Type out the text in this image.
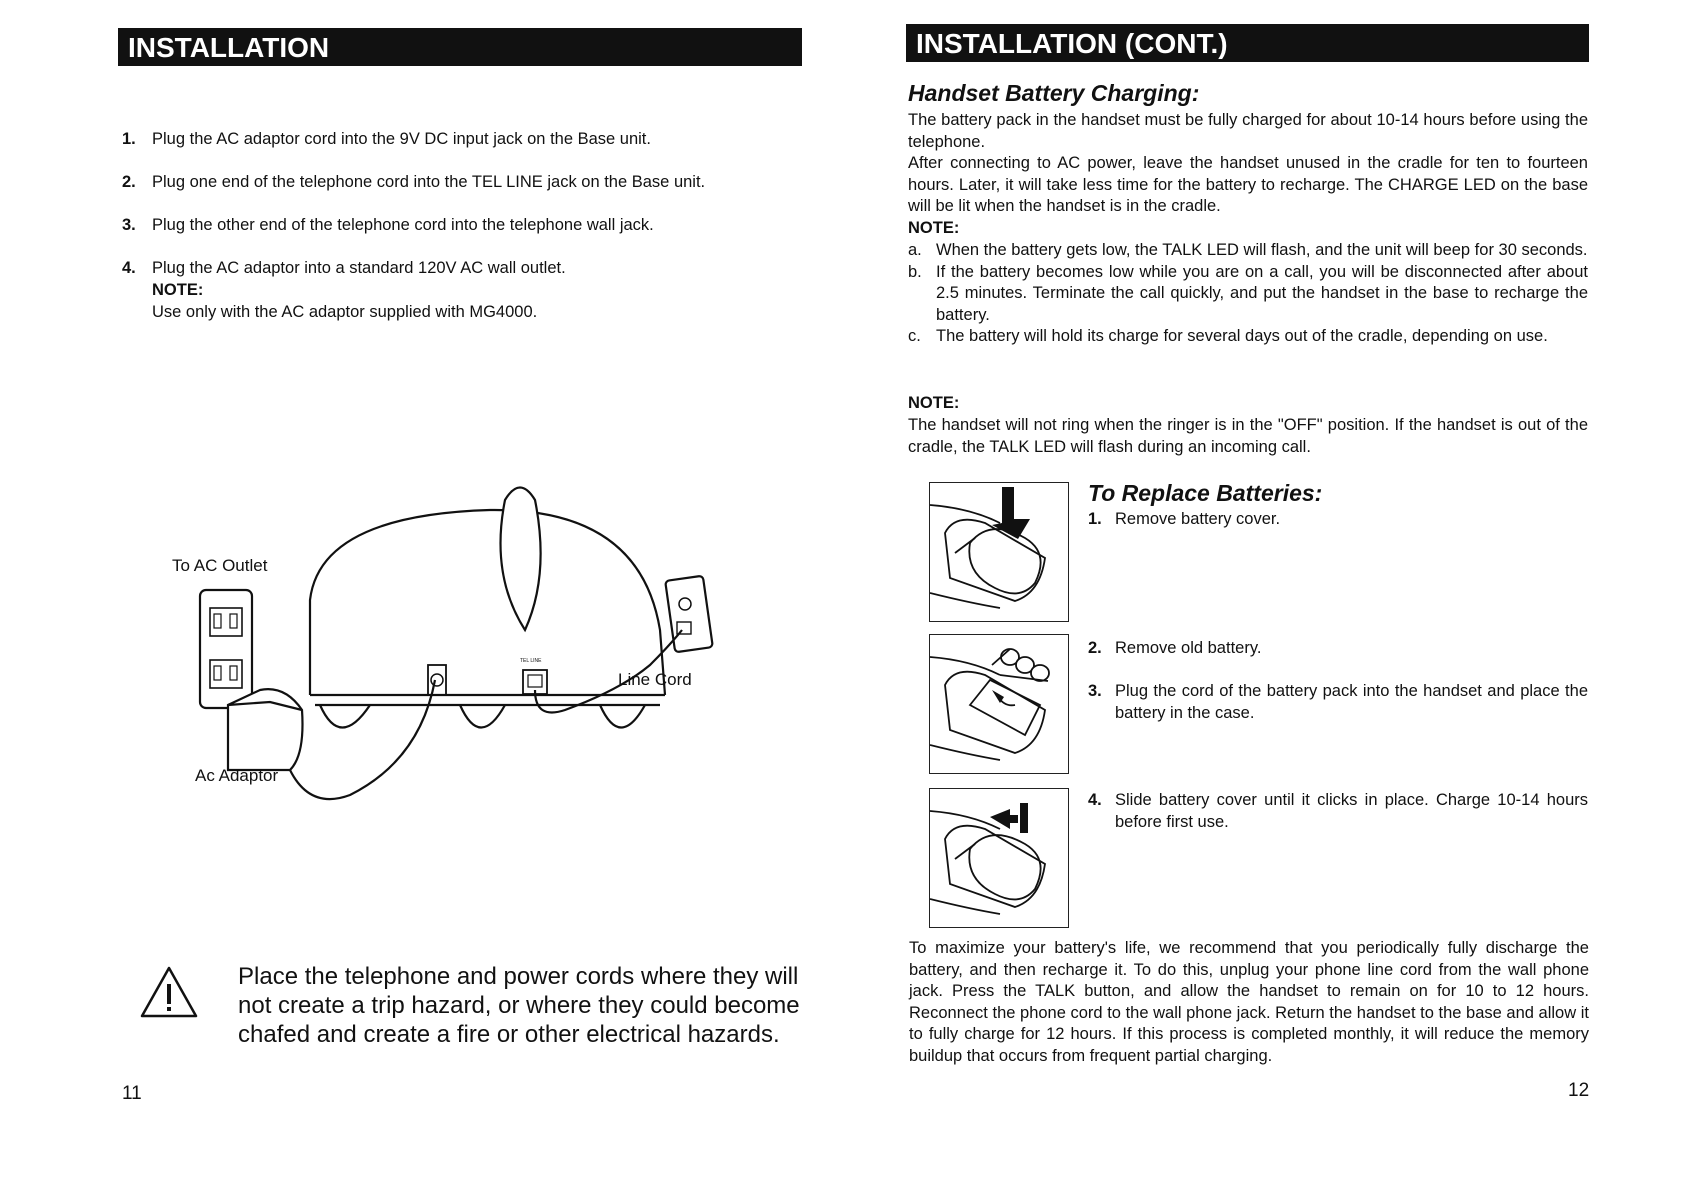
INSTALLATION
1. Plug the AC adaptor cord into the 9V DC input jack on the Base unit.
2. Plug one end of the telephone cord into the TEL LINE jack on the Base unit.
3. Plug the other end of the telephone cord into the telephone wall jack.
4. Plug the AC adaptor into a standard 120V AC wall outlet.
NOTE:
Use only with the AC adaptor supplied with MG4000.
To AC Outlet
Line Cord
Ac Adaptor
TEL LINE
Place the telephone and power cords where they will not create a trip hazard, or where they could become chafed and create a fire or other electrical hazards.
11
INSTALLATION (CONT.)
Handset Battery Charging:
The battery pack in the handset must be fully charged for about 10-14 hours before using the telephone.
After connecting to AC power, leave the handset unused in the cradle for ten to fourteen hours. Later, it will take less time for the battery to recharge. The CHARGE LED on the base will be lit when the handset is in the cradle.
NOTE:
a. When the battery gets low, the TALK LED will flash, and the unit will beep for 30 seconds.
b. If the battery becomes low while you are on a call, you will be disconnected after about 2.5 minutes. Terminate the call quickly, and put the handset in the base to recharge the battery.
c. The battery will hold its charge for several days out of the cradle, depending on use.
NOTE:
The handset will not ring when the ringer is in the "OFF" position. If the handset is out of the cradle, the TALK LED will flash during an incoming call.
To Replace Batteries:
1. Remove battery cover.
2. Remove old battery.
3. Plug the cord of the battery pack into the handset and place the battery in the case.
4. Slide battery cover until it clicks in place. Charge 10-14 hours before first use.
To maximize your battery's life, we recommend that you periodically fully discharge the battery, and then recharge it. To do this, unplug your phone line cord from the wall phone jack. Press the TALK button, and allow the handset to remain on for 10 to 12 hours. Reconnect the phone cord to the wall phone jack. Return the handset to the base and allow it to fully charge for 12 hours. If this process is completed monthly, it will reduce the memory buildup that occurs from frequent partial charging.
12
